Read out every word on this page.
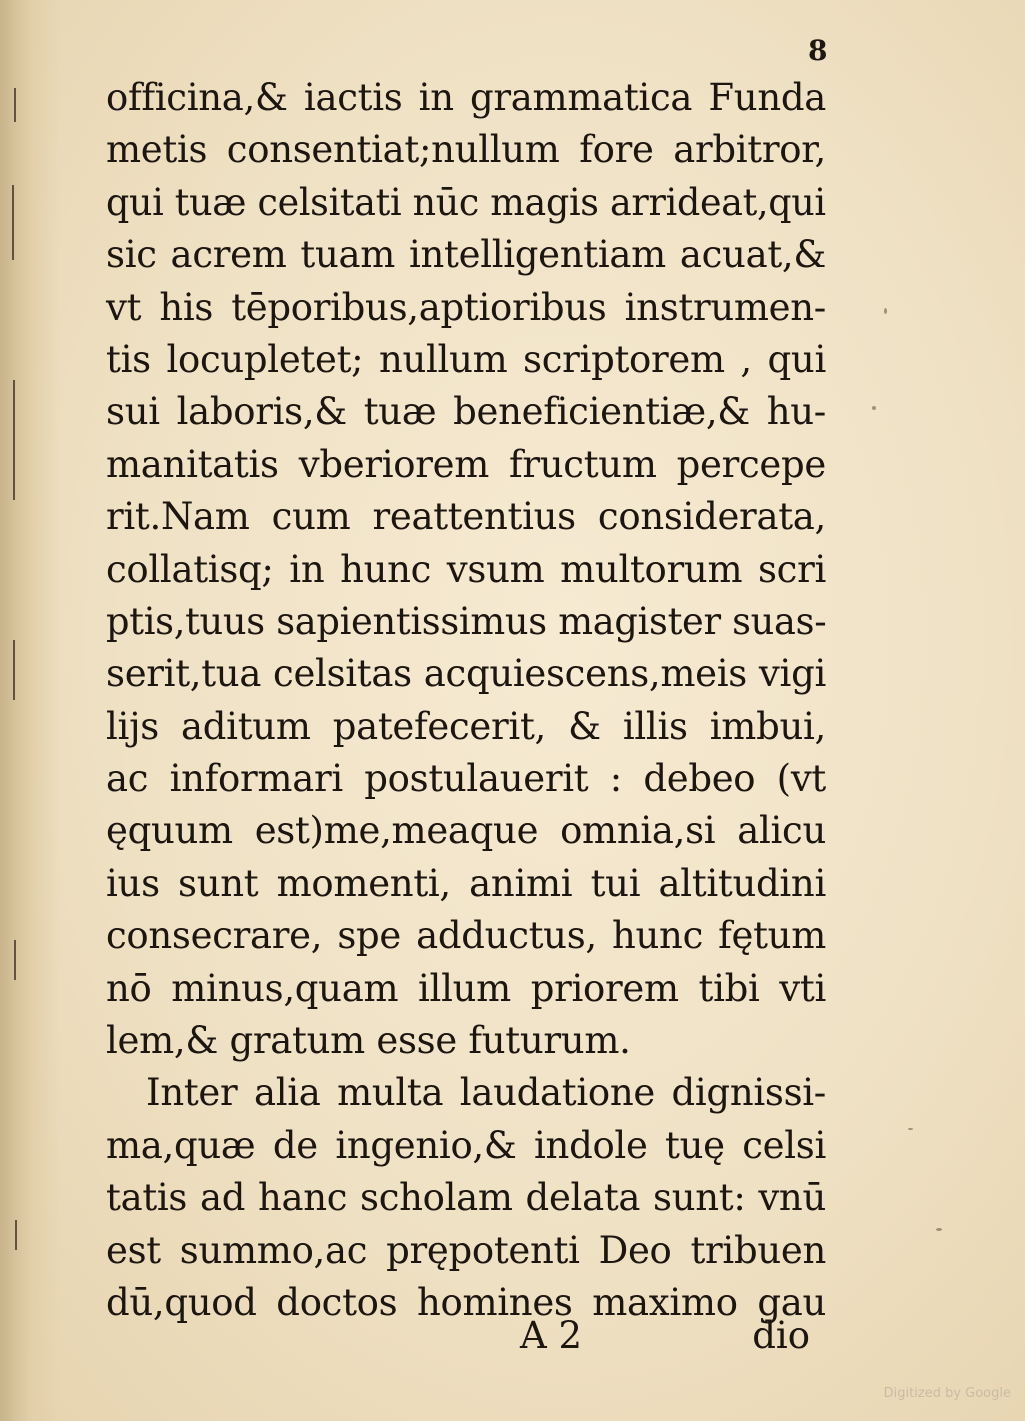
8
officina,& iactis in grammatica Funda
metis consentiat;nullum fore arbitror,
qui tuæ celsitati nūc magis arrideat,qui
sic acrem tuam intelligentiam acuat,&
vt his tēporibus,aptioribus instrumen-
tis locupletet; nullum scriptorem , qui
sui laboris,& tuæ beneficientiæ,& hu-
manitatis vberiorem fructum percepe
rit.Nam cum reattentius considerata,
collatisq; in hunc vsum multorum scri
ptis,tuus sapientissimus magister suas-
serit,tua celsitas acquiescens,meis vigi
lijs aditum patefecerit, & illis imbui,
ac informari postulauerit : debeo (vt
ęquum est)me,meaque omnia,si alicu
ius sunt momenti, animi tui altitudini
consecrare, spe adductus, hunc fętum
nō minus,quam illum priorem tibi vti
lem,& gratum esse futurum.
Inter alia multa laudatione dignissi-
ma,quæ de ingenio,& indole tuę celsi
tatis ad hanc scholam delata sunt: vnū
est summo,ac prępotenti Deo tribuen
dū,quod doctos homines maximo gau
A 2	dio
Digitized by Google
